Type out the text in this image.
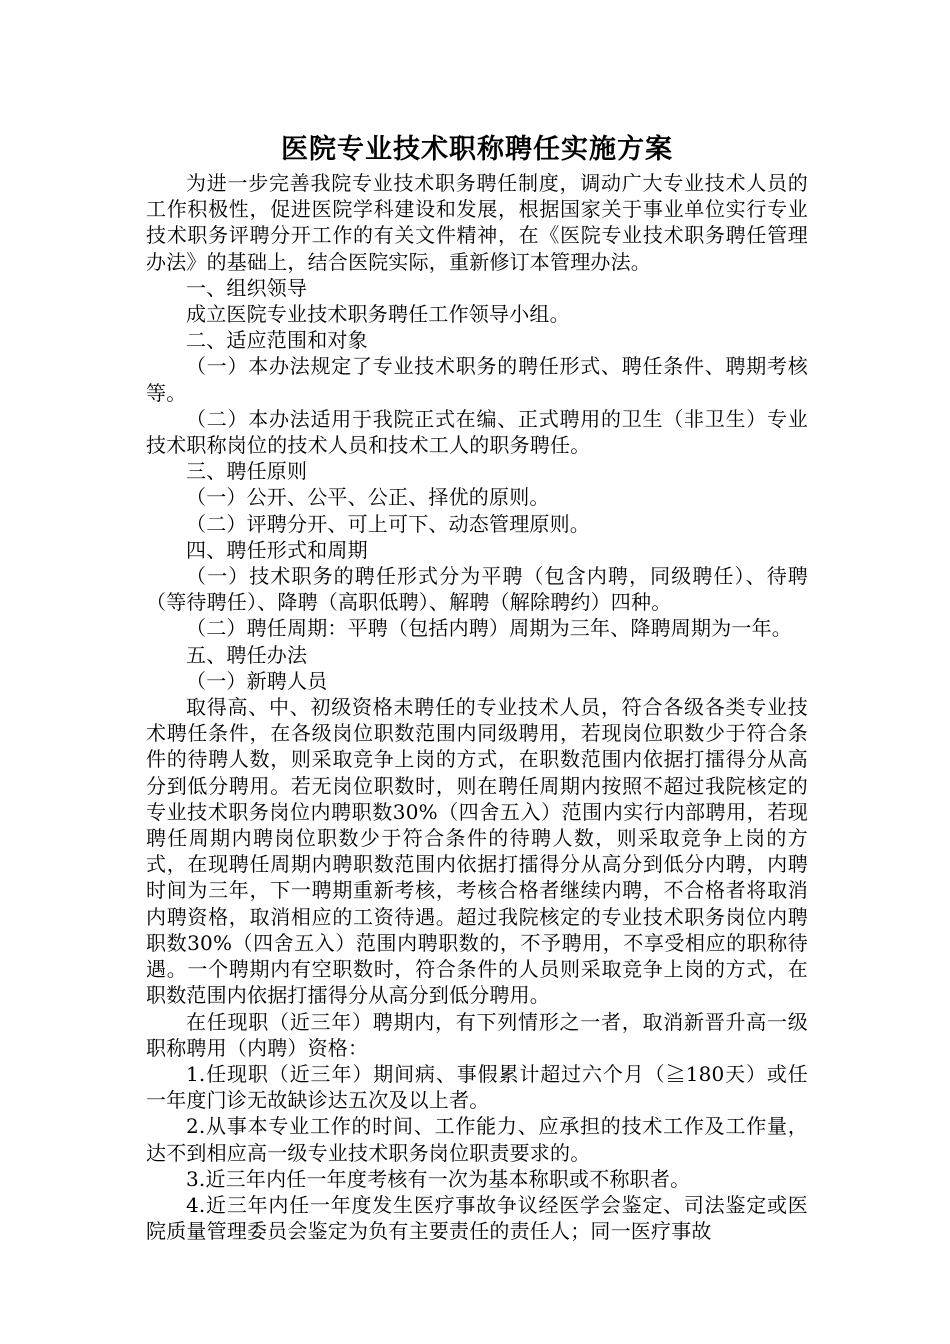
医院专业技术职称聘任实施方案

为进一步完善我院专业技术职务聘任制度，调动广大专业技术人员的工作积极性，促进医院学科建设和发展，根据国家关于事业单位实行专业技术职务评聘分开工作的有关文件精神，在《医院专业技术职务聘任管理办法》的基础上，结合医院实际，重新修订本管理办法。

一、组织领导

成立医院专业技术职务聘任工作领导小组。

二、适应范围和对象

（一）本办法规定了专业技术职务的聘任形式、聘任条件、聘期考核等。

（二）本办法适用于我院正式在编、正式聘用的卫生（非卫生）专业技术职称岗位的技术人员和技术工人的职务聘任。

三、聘任原则

（一）公开、公平、公正、择优的原则。

（二）评聘分开、可上可下、动态管理原则。

四、聘任形式和周期

（一）技术职务的聘任形式分为平聘（包含内聘，同级聘任）、待聘（等待聘任）、降聘（高职低聘）、解聘（解除聘约）四种。

（二）聘任周期：平聘（包括内聘）周期为三年、降聘周期为一年。

五、聘任办法

（一）新聘人员

取得高、中、初级资格未聘任的专业技术人员，符合各级各类专业技术聘任条件，在各级岗位职数范围内同级聘用，若现岗位职数少于符合条件的待聘人数，则采取竞争上岗的方式，在职数范围内依据打擂得分从高分到低分聘用。若无岗位职数时，则在聘任周期内按照不超过我院核定的专业技术职务岗位内聘职数30%（四舍五入）范围内实行内部聘用，若现聘任周期内聘岗位职数少于符合条件的待聘人数，则采取竞争上岗的方式，在现聘任周期内聘职数范围内依据打擂得分从高分到低分内聘，内聘时间为三年，下一聘期重新考核，考核合格者继续内聘，不合格者将取消内聘资格，取消相应的工资待遇。超过我院核定的专业技术职务岗位内聘职数30%（四舍五入）范围内聘职数的，不予聘用，不享受相应的职称待遇。一个聘期内有空职数时，符合条件的人员则采取竞争上岗的方式，在职数范围内依据打擂得分从高分到低分聘用。

在任现职（近三年）聘期内，有下列情形之一者，取消新晋升高一级职称聘用（内聘）资格：

1.任现职（近三年）期间病、事假累计超过六个月（≧180天）或任一年度门诊无故缺诊达五次及以上者。

2.从事本专业工作的时间、工作能力、应承担的技术工作及工作量，达不到相应高一级专业技术职务岗位职责要求的。

3.近三年内任一年度考核有一次为基本称职或不称职者。

4.近三年内任一年度发生医疗事故争议经医学会鉴定、司法鉴定或医院质量管理委员会鉴定为负有主要责任的责任人；同一医疗事故
